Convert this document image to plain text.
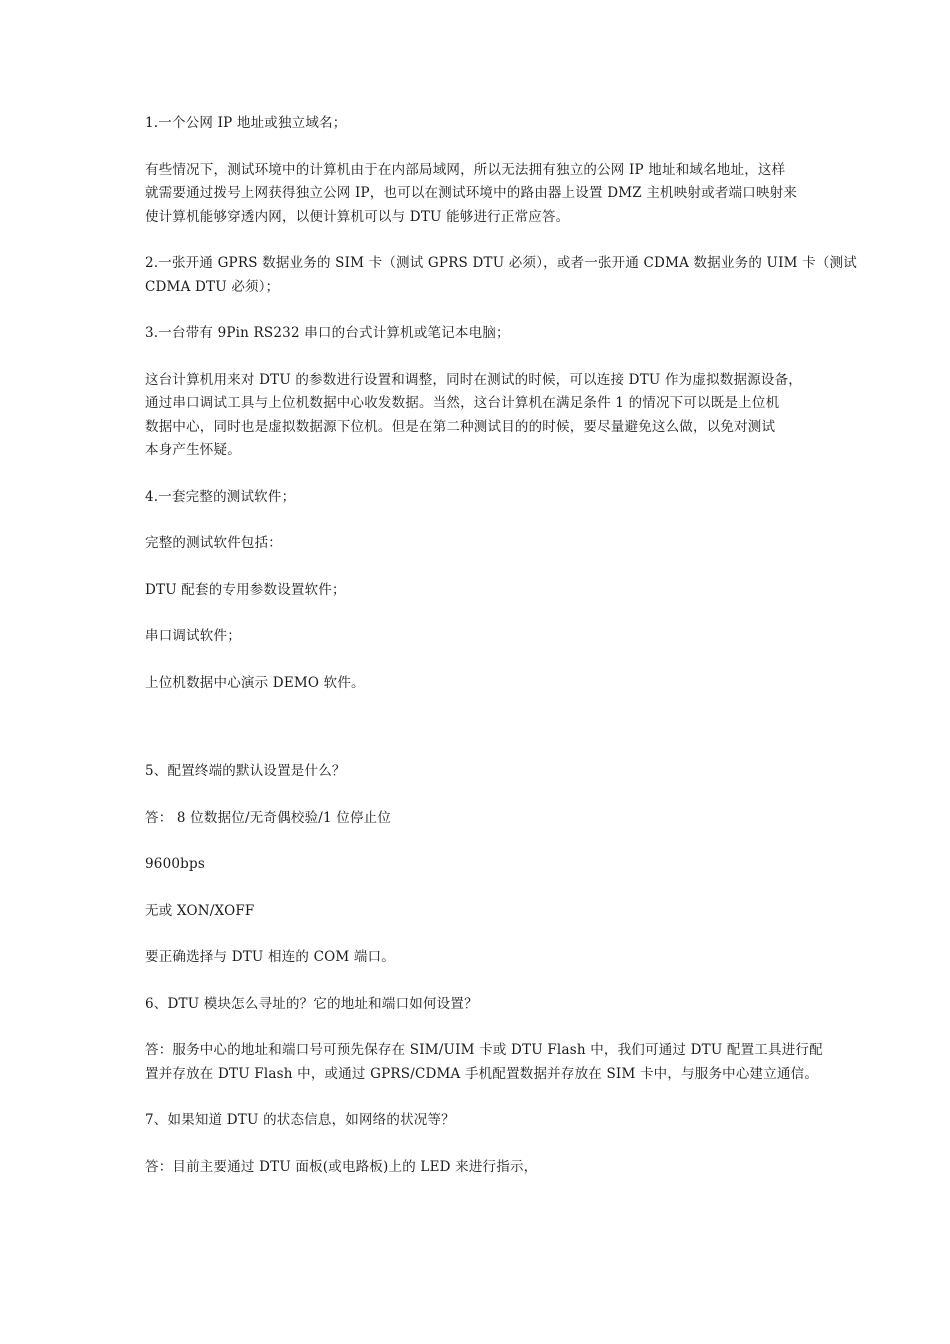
1.一个公网 IP 地址或独立域名；
有些情况下，测试环境中的计算机由于在内部局域网，所以无法拥有独立的公网 IP 地址和域名地址，这样
就需要通过拨号上网获得独立公网 IP，也可以在测试环境中的路由器上设置 DMZ 主机映射或者端口映射来
使计算机能够穿透内网，以便计算机可以与 DTU 能够进行正常应答。
2.一张开通 GPRS 数据业务的 SIM 卡（测试 GPRS DTU 必须），或者一张开通 CDMA 数据业务的 UIM 卡（测试
CDMA DTU 必须）；
3.一台带有 9Pin RS232 串口的台式计算机或笔记本电脑；
这台计算机用来对 DTU 的参数进行设置和调整，同时在测试的时候，可以连接 DTU 作为虚拟数据源设备，
通过串口调试工具与上位机数据中心收发数据。当然，这台计算机在满足条件 1 的情况下可以既是上位机
数据中心，同时也是虚拟数据源下位机。但是在第二种测试目的的时候，要尽量避免这么做，以免对测试
本身产生怀疑。
4.一套完整的测试软件；
完整的测试软件包括：
DTU 配套的专用参数设置软件；
串口调试软件；
上位机数据中心演示 DEMO 软件。
5、配置终端的默认设置是什么？
答： 8 位数据位/无奇偶校验/1 位停止位
9600bps
无或 XON/XOFF
要正确选择与 DTU 相连的 COM 端口。
6、DTU 模块怎么寻址的？它的地址和端口如何设置？
答：服务中心的地址和端口号可预先保存在 SIM/UIM 卡或 DTU Flash 中，我们可通过 DTU 配置工具进行配
置并存放在 DTU Flash 中，或通过 GPRS/CDMA 手机配置数据并存放在 SIM 卡中，与服务中心建立通信。
7、如果知道 DTU 的状态信息，如网络的状况等？
答：目前主要通过 DTU 面板(或电路板)上的 LED 来进行指示，
